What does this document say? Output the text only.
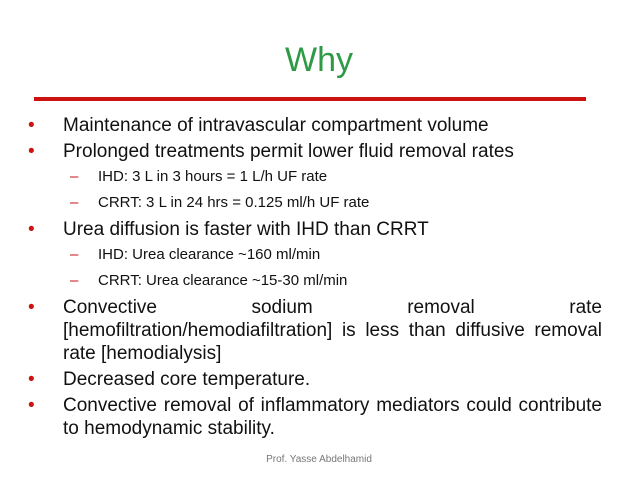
Why
•	Maintenance of intravascular compartment volume
•	Prolonged treatments permit lower fluid removal rates
– IHD: 3 L in 3 hours = 1 L/h UF rate
– CRRT: 3 L in 24 hrs = 0.125 ml/h UF rate
•	Urea diffusion is faster with IHD than CRRT
– IHD: Urea clearance ~160 ml/min
– CRRT: Urea clearance ~15-30 ml/min
•	Convective sodium removal rate [hemofiltration/hemodiafiltration] is less than diffusive removal rate [hemodialysis]
•	Decreased core temperature.
•	Convective removal of inflammatory mediators could contribute to hemodynamic stability.
Prof. Yasse Abdelhamid
